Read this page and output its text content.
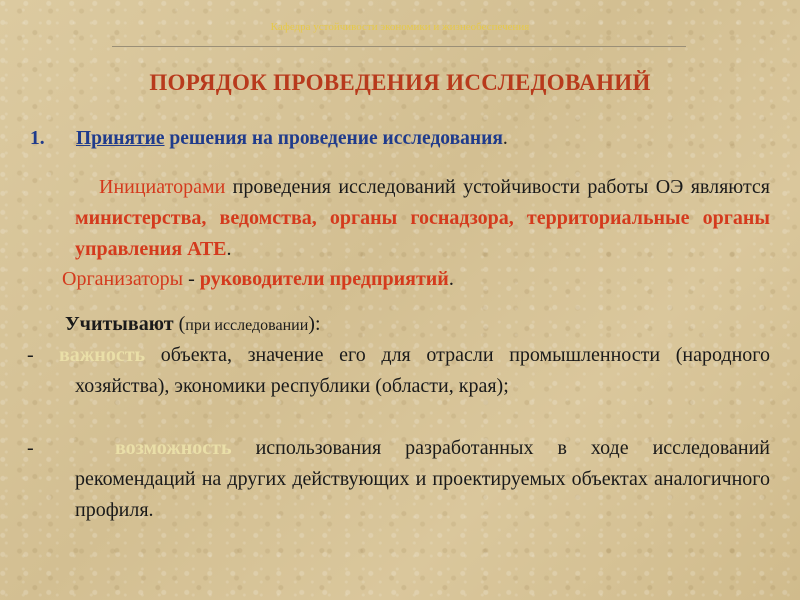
Кафедра устойчивости экономики и жизнеобеспечения

ПОРЯДОК ПРОВЕДЕНИЯ ИССЛЕДОВАНИЙ

1. Принятие решения на проведение исследования.

Инициаторами проведения исследований устойчивости работы ОЭ являются министерства, ведомства, органы госнадзора, территориальные органы управления АТЕ.

Организаторы - руководители предприятий.

Учитывают (при исследовании):

- важность объекта, значение его для отрасли промышленности (народного хозяйства), экономики республики (области, края);

-	возможность использования разработанных в ходе исследований рекомендаций на других действующих и проектируемых объектах аналогичного профиля.
